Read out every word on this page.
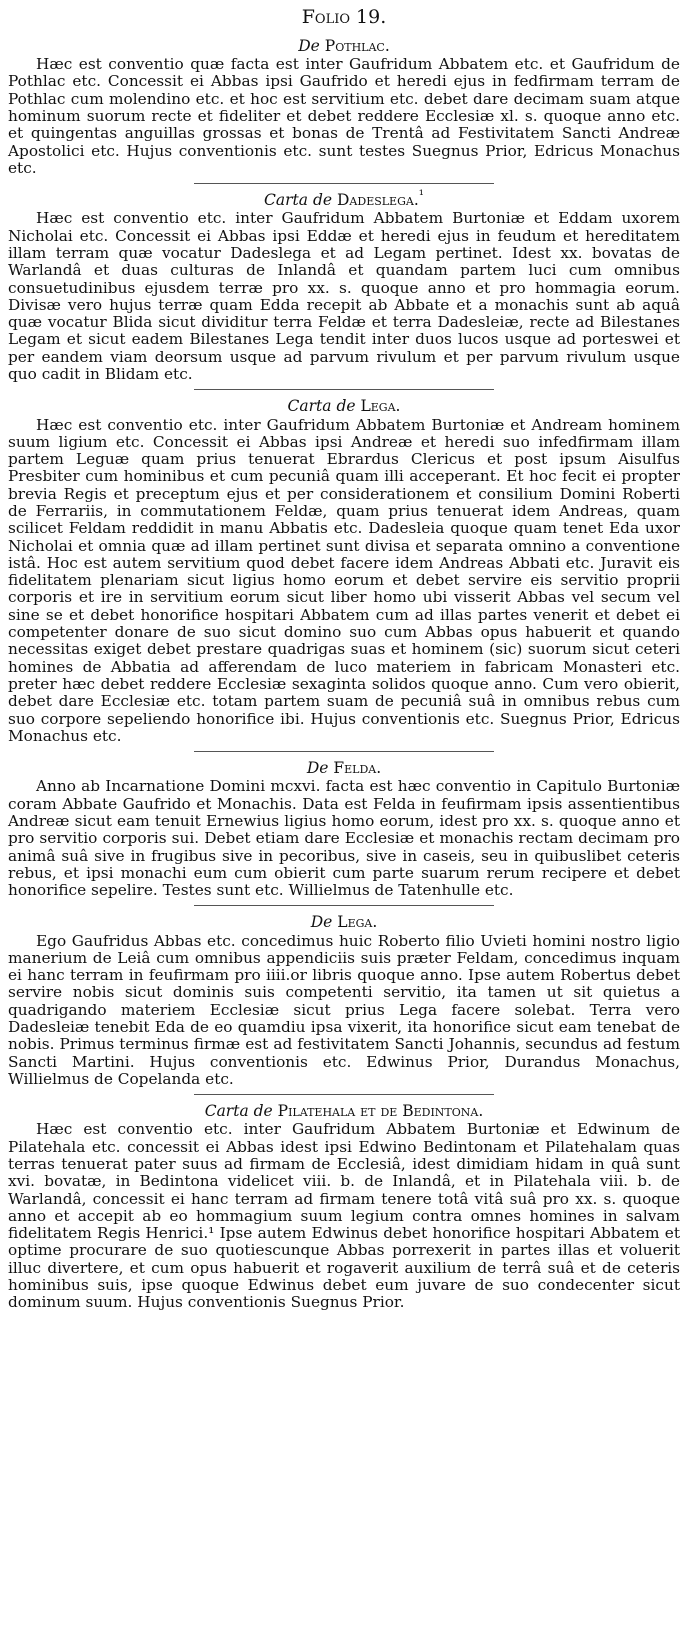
Folio 19.
De Pothlac.

Hæc est conventio quæ facta est inter Gaufridum Abbatem etc. et Gaufridum de Pothlac etc. Concessit ei Abbas ipsi Gaufrido et heredi ejus in fedfirmam terram de Pothlac cum molendino etc. et hoc est servitium etc. debet dare decimam suam atque hominum suorum recte et fideliter et debet reddere Ecclesiæ xl. s. quoque anno etc. et quingentas anguillas grossas et bonas de Trentâ ad Festivitatem Sancti Andreæ Apostolici etc. Hujus conventionis etc. sunt testes Suegnus Prior, Edricus Monachus etc.

Carta de Dadeslega.$^{^1}$

Hæc est conventio etc. inter Gaufridum Abbatem Burtoniæ et Eddam uxorem Nicholai etc. Concessit ei Abbas ipsi Eddæ et heredi ejus in feudum et hereditatem illam terram quæ vocatur Dadeslega et ad Legam pertinet. Idest xx. bovatas de Warlandâ et duas culturas de Inlandâ et quandam partem luci cum omnibus consuetudinibus ejusdem terræ pro xx. s. quoque anno et pro hommagia eorum. Divisæ vero hujus terræ quam Edda recepit ab Abbate et a monachis sunt ab aquâ quæ vocatur Blida sicut dividitur terra Feldæ et terra Dadesleiæ, recte ad Bilestanes Legam et sicut eadem Bilestanes Lega tendit inter duos lucos usque ad porteswei et per eandem viam deorsum usque ad parvum rivulum et per parvum rivulum usque quo cadit in Blidam etc.

Carta de Lega.

Hæc est conventio etc. inter Gaufridum Abbatem Burtoniæ et Andream hominem suum ligium etc. Concessit ei Abbas ipsi Andreæ et heredi suo infedfirmam illam partem Leguæ quam prius tenuerat Ebrardus Clericus et post ipsum Aisulfus Presbiter cum hominibus et cum pecuniâ quam illi acceperant. Et hoc fecit ei propter brevia Regis et preceptum ejus et per considerationem et consilium Domini Roberti de Ferrariis, in commutationem Feldæ, quam prius tenuerat idem Andreas, quam scilicet Feldam reddidit in manu Abbatis etc. Dadesleia quoque quam tenet Eda uxor Nicholai et omnia quæ ad illam pertinet sunt divisa et separata omnino a conventione istâ. Hoc est autem servitium quod debet facere idem Andreas Abbati etc. Juravit eis fidelitatem plenariam sicut ligius homo eorum et debet servire eis servitio proprii corporis et ire in servitium eorum sicut liber homo ubi visserit Abbas vel secum vel sine se et debet honorifice hospitari Abbatem cum ad illas partes venerit et debet ei competenter donare de suo sicut domino suo cum Abbas opus habuerit et quando necessitas exiget debet prestare quadrigas suas et hominem (sic) suorum sicut ceteri homines de Abbatia ad afferendam de luco materiem in fabricam Monasteri etc. preter hæc debet reddere Ecclesiæ sexaginta solidos quoque anno. Cum vero obierit, debet dare Ecclesiæ etc. totam partem suam de pecuniâ suâ in omnibus rebus cum suo corpore sepeliendo honorifice ibi. Hujus conventionis etc. Suegnus Prior, Edricus Monachus etc.

De Felda.

Anno ab Incarnatione Domini mcxvi. facta est hæc conventio in Capitulo Burtoniæ coram Abbate Gaufrido et Monachis. Data est Felda in feufirmam ipsis assentientibus Andreæ sicut eam tenuit Ernewius ligius homo eorum, idest pro xx. s. quoque anno et pro servitio corporis sui. Debet etiam dare Ecclesiæ et monachis rectam decimam pro animâ suâ sive in frugibus sive in pecoribus, sive in caseis, seu in quibuslibet ceteris rebus, et ipsi monachi eum cum obierit cum parte suarum rerum recipere et debet honorifice sepelire. Testes sunt etc. Willielmus de Tatenhulle etc.

De Lega.

Ego Gaufridus Abbas etc. concedimus huic Roberto filio Uvieti homini nostro ligio manerium de Leiâ cum omnibus appendiciis suis præter Feldam, concedimus inquam ei hanc terram in feufirmam pro iiii.or libris quoque anno. Ipse autem Robertus debet servire nobis sicut dominis suis competenti servitio, ita tamen ut sit quietus a quadrigando materiem Ecclesiæ sicut prius Lega facere solebat. Terra vero Dadesleiæ tenebit Eda de eo quamdiu ipsa vixerit, ita honorifice sicut eam tenebat de nobis. Primus terminus firmæ est ad festivitatem Sancti Johannis, secundus ad festum Sancti Martini. Hujus conventionis etc. Edwinus Prior, Durandus Monachus, Willielmus de Copelanda etc.

Carta de Pilatehala et de Bedintona.

Hæc est conventio etc. inter Gaufridum Abbatem Burtoniæ et Edwinum de Pilatehala etc. concessit ei Abbas idest ipsi Edwino Bedintonam et Pilatehalam quas terras tenuerat pater suus ad firmam de Ecclesiâ, idest dimidiam hidam in quâ sunt xvi. bovatæ, in Bedintona videlicet viii. b. de Inlandâ, et in Pilatehala viii. b. de Warlandâ, concessit ei hanc terram ad firmam tenere totâ vitâ suâ pro xx. s. quoque anno et accepit ab eo hommagium suum legium contra omnes homines in salvam fidelitatem Regis Henrici.¹ Ipse autem Edwinus debet honorifice hospitari Abbatem et optime procurare de suo quotiescunque Abbas porrexerit in partes illas et voluerit illuc divertere, et cum opus habuerit et rogaverit auxilium de terrâ suâ et de ceteris hominibus suis, ipse quoque Edwinus debet eum juvare de suo condecenter sicut dominum suum. Hujus conventionis Suegnus Prior.
